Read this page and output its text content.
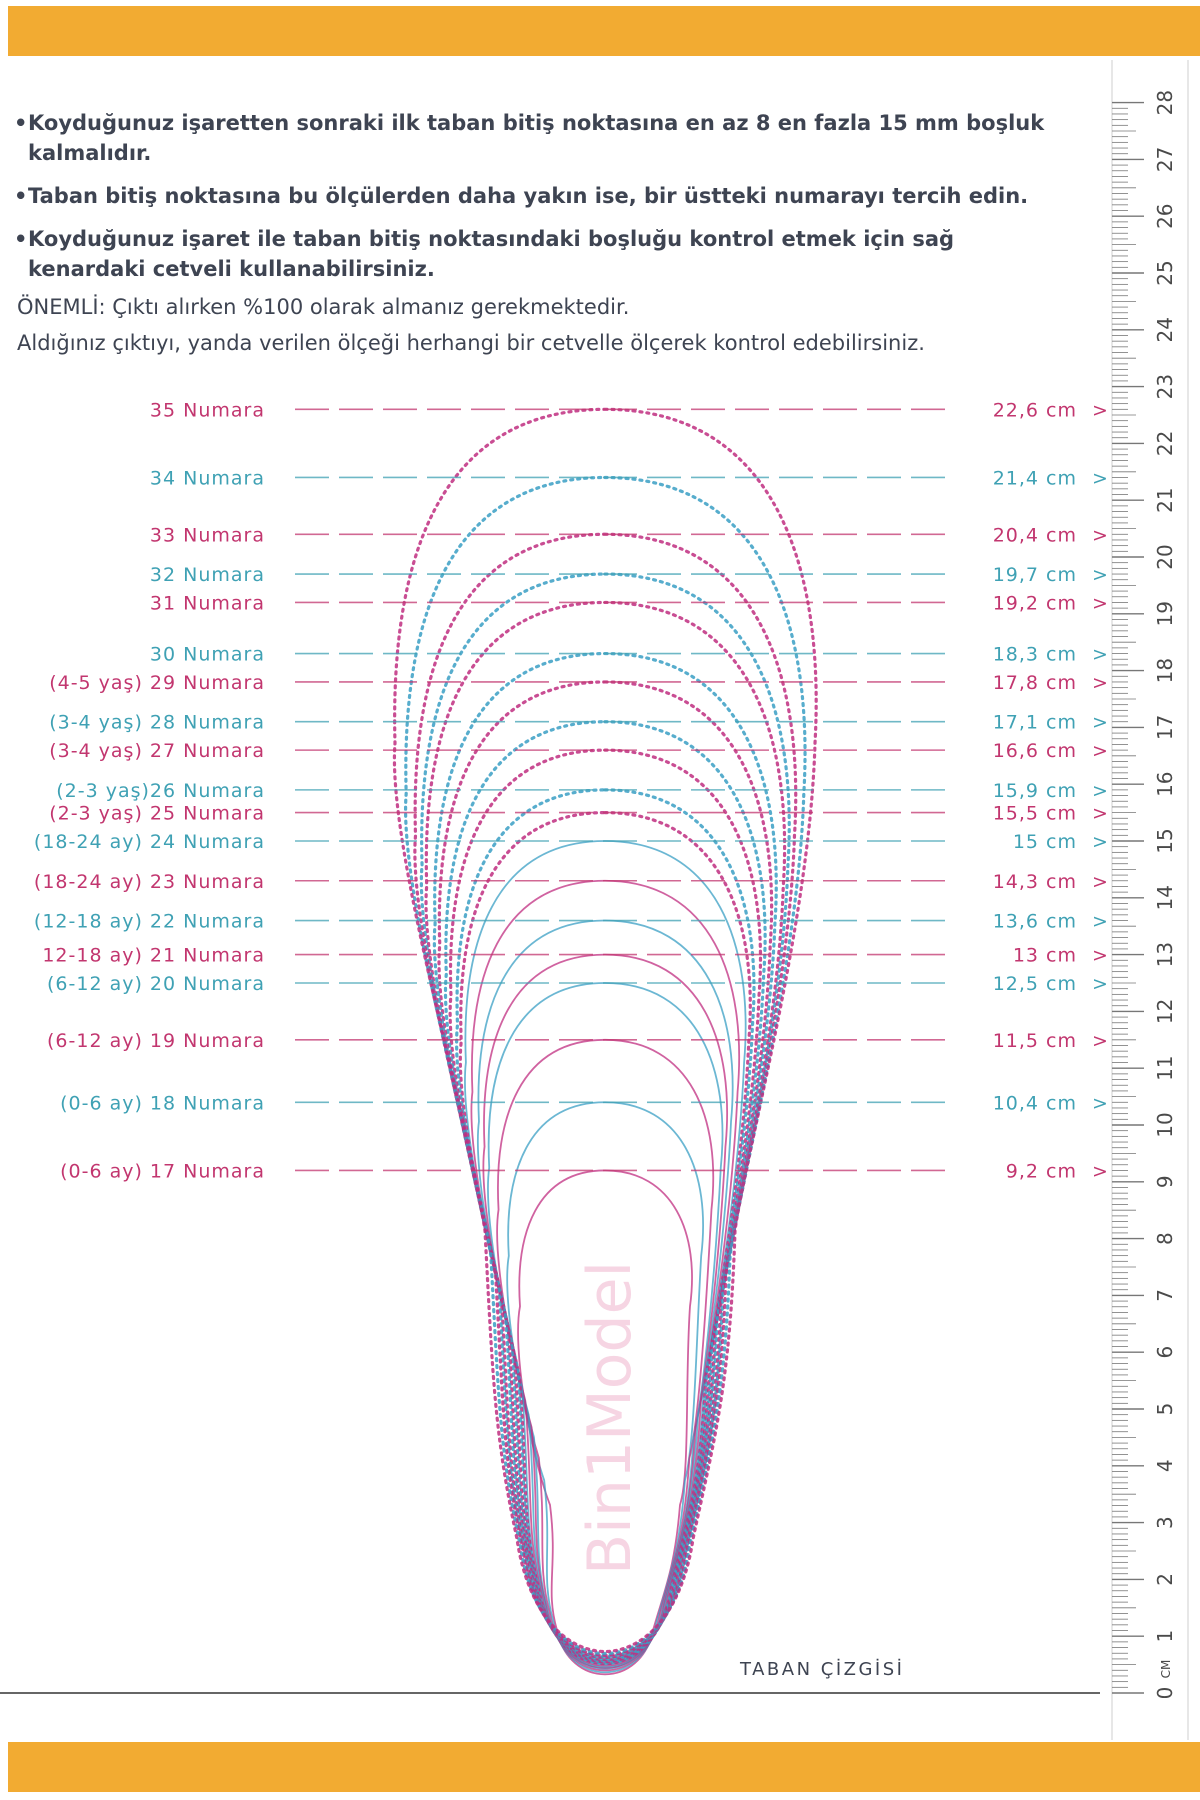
• Koyduğunuz işaretten sonraki ilk taban bitiş noktasına en az 8 en fazla 15 mm boşluk kalmalıdır.
• Taban bitiş noktasına bu ölçülerden daha yakın ise, bir üstteki numarayı tercih edin.
• Koyduğunuz işaret ile taban bitiş noktasındaki boşluğu kontrol etmek için sağ kenardaki cetveli kullanabilirsiniz.
ÖNEMLİ: Çıktı alırken %100 olarak almanız gerekmektedir.
Aldığınız çıktıyı, yanda verilen ölçeği herhangi bir cetvelle ölçerek kontrol edebilirsiniz.
Bin1Model
35 Numara	22,6 cm >
34 Numara	21,4 cm >
33 Numara	20,4 cm >
32 Numara	19,7 cm >
31 Numara	19,2 cm >
30 Numara	18,3 cm >
(4-5 yaş) 29 Numara	17,8 cm >
(3-4 yaş) 28 Numara	17,1 cm >
(3-4 yaş) 27 Numara	16,6 cm >
(2-3 yaş)26 Numara	15,9 cm >
(2-3 yaş) 25 Numara	15,5 cm >
(18-24 ay) 24 Numara	15 cm >
(18-24 ay) 23 Numara	14,3 cm >
(12-18 ay) 22 Numara	13,6 cm >
12-18 ay) 21 Numara	13 cm >
(6-12 ay) 20 Numara	12,5 cm >
(6-12 ay) 19 Numara	11,5 cm >
(0-6 ay) 18 Numara	10,4 cm >
(0-6 ay) 17 Numara	9,2 cm >
TABAN ÇİZGİSİ
0
1
2
3
4
5
6
7
8
9
10
11
12
13
14
15
16
17
18
19
20
21
22
23
24
25
26
27
28
CM
